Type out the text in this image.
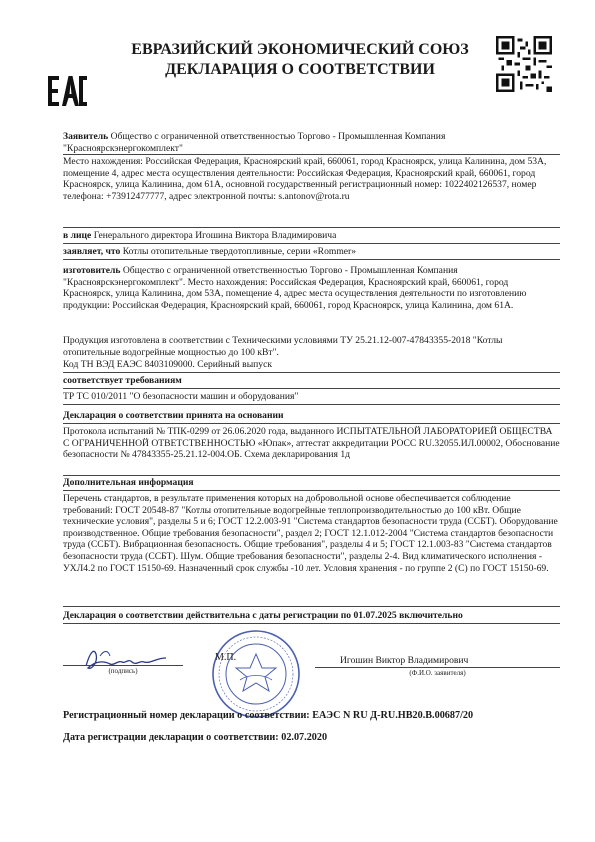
ЕВРАЗИЙСКИЙ ЭКОНОМИЧЕСКИЙ СОЮЗ
ДЕКЛАРАЦИЯ О СООТВЕТСТВИИ
Заявитель Общество с ограниченной ответственностью Торгово - Промышленная Компания "Красноярскэнергокомплект"
Место нахождения: Российская Федерация, Красноярский край, 660061, город Красноярск, улица Калинина, дом 53А, помещение 4, адрес места осуществления деятельности: Российская Федерация, Красноярский край, 660061, город Красноярск, улица Калинина, дом 61А, основной государственный регистрационный номер: 1022402126537, номер телефона: +73912477777, адрес электронной почты: s.antonov@rota.ru
в лице Генерального директора Игошина Виктора Владимировича
заявляет, что Котлы отопительные твердотопливные, серии «Rommer»
изготовитель Общество с ограниченной ответственностью Торгово - Промышленная Компания "Красноярскэнергокомплект". Место нахождения: Российская Федерация, Красноярский край, 660061, город Красноярск, улица Калинина, дом 53А, помещение 4, адрес места осуществления деятельности по изготовлению продукции: Российская Федерация, Красноярский край, 660061, город Красноярск, улица Калинина, дом 61А.
Продукция изготовлена в соответствии с Техническими условиями ТУ 25.21.12-007-47843355-2018 "Котлы отопительные водогрейные мощностью до 100 кВт".
Код ТН ВЭД ЕАЭС 8403109000. Серийный выпуск
соответствует требованиям
ТР ТС 010/2011 "О безопасности машин и оборудования"
Декларация о соответствии принята на основании
Протокола испытаний № ТПК-0299 от 26.06.2020 года, выданного ИСПЫТАТЕЛЬНОЙ ЛАБОРАТОРИЕЙ ОБЩЕСТВА С ОГРАНИЧЕННОЙ ОТВЕТСТВЕННОСТЬЮ «Юпак», аттестат аккредитации РОСС RU.32055.ИЛ.00002, Обоснование безопасности № 47843355-25.21.12-004.ОБ. Схема декларирования 1д
Дополнительная информация
Перечень стандартов, в результате применения которых на добровольной основе обеспечивается соблюдение требований: ГОСТ 20548-87 "Котлы отопительные водогрейные теплопроизводительностью до 100 кВт. Общие технические условия", разделы 5 и 6; ГОСТ 12.2.003-91 "Система стандартов безопасности труда (ССБТ). Оборудование производственное. Общие требования безопасности", раздел 2; ГОСТ 12.1.012-2004 "Система стандартов безопасности труда (ССБТ). Вибрационная безопасность. Общие требования", разделы 4 и 5; ГОСТ 12.1.003-83 "Система стандартов безопасности труда (ССБТ). Шум. Общие требования безопасности", разделы 2-4. Вид климатического исполнения - УХЛ4.2 по ГОСТ 15150-69. Назначенный срок службы -10 лет. Условия хранения - по группе 2 (С) по ГОСТ 15150-69.
Декларация о соответствии действительна с даты регистрации по 01.07.2025 включительно
(подпись)
М.П.	Игошин Виктор Владимирович
(Ф.И.О. заявителя)
Регистрационный номер декларации о соответствии: ЕАЭС N RU Д-RU.НВ20.В.00687/20
Дата регистрации декларации о соответствии: 02.07.2020
